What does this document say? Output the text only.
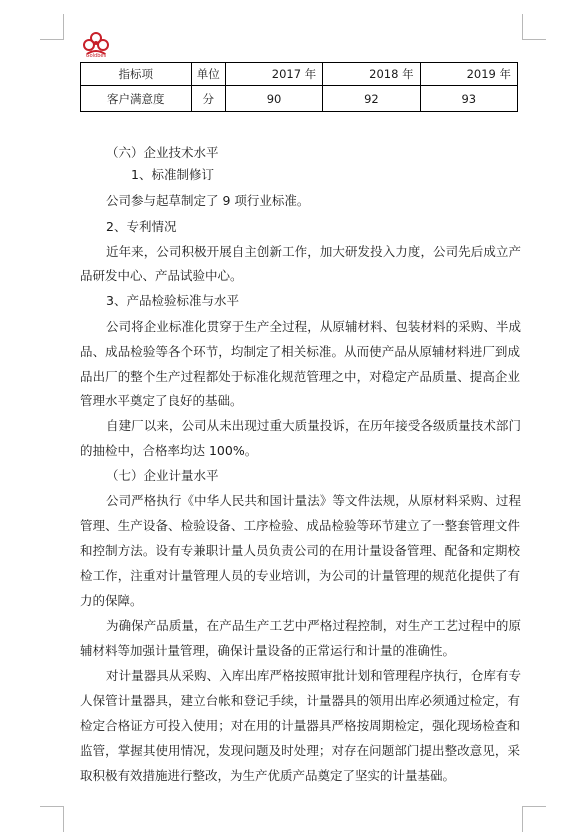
Goldbell
指标项	单位	2017 年	2018 年	2019 年
客户满意度	分	90	92	93
（六）企业技术水平
1、标准制修订
公司参与起草制定了 9 项行业标准。
2、专利情况
近年来，公司积极开展自主创新工作，加大研发投入力度，公司先后成立产
品研发中心、产品试验中心。
3、产品检验标准与水平
公司将企业标准化贯穿于生产全过程，从原辅材料、包装材料的采购、半成
品、成品检验等各个环节，均制定了相关标准。从而使产品从原辅材料进厂到成
品出厂的整个生产过程都处于标准化规范管理之中，对稳定产品质量、提高企业
管理水平奠定了良好的基础。
自建厂以来，公司从未出现过重大质量投诉，在历年接受各级质量技术部门
的抽检中，合格率均达 100%。
（七）企业计量水平
公司严格执行《中华人民共和国计量法》等文件法规，从原材料采购、过程
管理、生产设备、检验设备、工序检验、成品检验等环节建立了一整套管理文件
和控制方法。设有专兼职计量人员负责公司的在用计量设备管理、配备和定期校
检工作，注重对计量管理人员的专业培训，为公司的计量管理的规范化提供了有
力的保障。
为确保产品质量，在产品生产工艺中严格过程控制，对生产工艺过程中的原
辅材料等加强计量管理，确保计量设备的正常运行和计量的准确性。
对计量器具从采购、入库出库严格按照审批计划和管理程序执行，仓库有专
人保管计量器具，建立台帐和登记手续，计量器具的领用出库必须通过检定，有
检定合格证方可投入使用；对在用的计量器具严格按周期检定，强化现场检查和
监管，掌握其使用情况，发现问题及时处理；对存在问题部门提出整改意见，采
取积极有效措施进行整改，为生产优质产品奠定了坚实的计量基础。
